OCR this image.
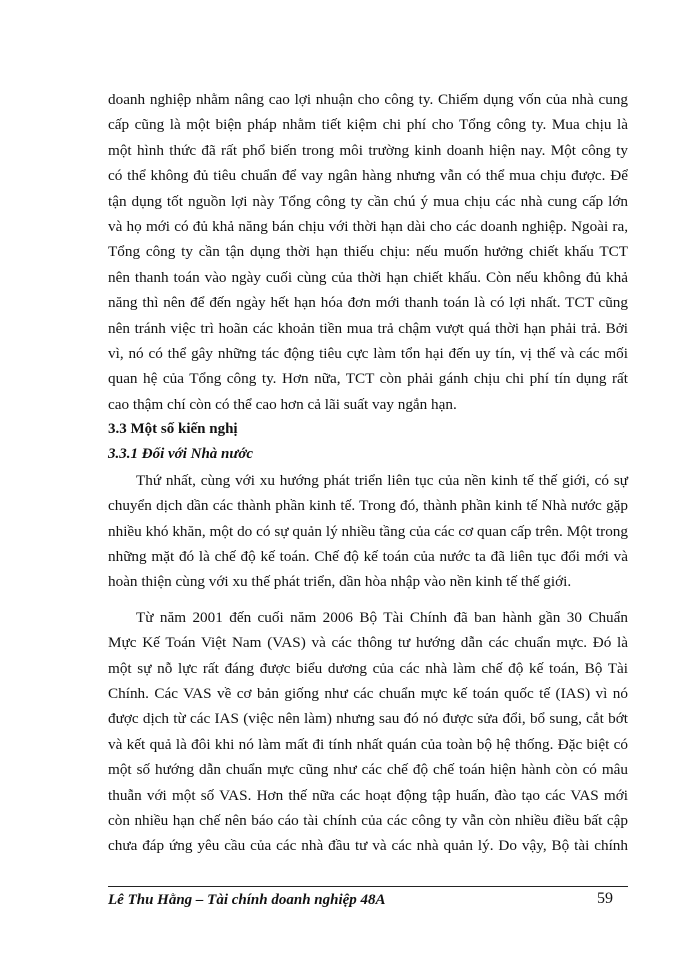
doanh nghiệp nhằm nâng cao lợi nhuận cho công ty. Chiếm dụng vốn của nhà cung
cấp cũng là một biện pháp nhằm tiết kiệm chi phí cho Tổng công ty. Mua chịu là
một hình thức đã rất phổ biến trong môi trường kinh doanh hiện nay. Một công ty
có thể không đủ tiêu chuẩn để vay ngân hàng nhưng vẫn có thể mua chịu được. Để
tận dụng tốt nguồn lợi này Tổng công ty cần chú ý mua chịu các nhà cung cấp lớn
và họ mới có đủ khả năng bán chịu với thời hạn dài cho các doanh nghiệp. Ngoài ra,
Tổng công ty cần tận dụng thời hạn thiếu chịu: nếu muốn hưởng chiết khấu TCT
nên thanh toán vào ngày cuối cùng của thời hạn chiết khấu. Còn nếu không đủ khả
năng thì nên để đến ngày hết hạn hóa đơn mới thanh toán là có lợi nhất. TCT cũng
nên tránh việc trì hoãn các khoản tiền mua trả chậm vượt quá thời hạn phải trả. Bởi
vì, nó có thể gây những tác động tiêu cực làm tổn hại đến uy tín, vị thế và các mối
quan hệ của Tổng công ty. Hơn nữa, TCT còn phải gánh chịu chi phí tín dụng rất
cao thậm chí còn có thể cao hơn cả lãi suất vay ngắn hạn.
3.3 Một số kiến nghị
3.3.1 Đối với Nhà nước
Thứ nhất, cùng với xu hướng phát triển liên tục của nền kinh tế thế giới, có sự
chuyển dịch dần các thành phần kinh tế. Trong đó, thành phần kinh tế Nhà nước gặp
nhiều khó khăn, một do có sự quản lý nhiều tầng của các cơ quan cấp trên. Một trong
những mặt đó là chế độ kế toán. Chế độ kế toán của nước ta đã liên tục đổi mới và
hoàn thiện cùng với xu thế phát triển, dần hòa nhập vào nền kinh tế thế giới.
Từ năm 2001 đến cuối năm 2006 Bộ Tài Chính đã ban hành gần 30 Chuẩn
Mực Kế Toán Việt Nam (VAS) và các thông tư hướng dẫn các chuẩn mực. Đó là
một sự nỗ lực rất đáng được biểu dương của các nhà làm chế độ kế toán, Bộ Tài
Chính. Các VAS về cơ bản giống như các chuẩn mực kế toán quốc tế (IAS) vì nó
được dịch từ các IAS (việc nên làm) nhưng sau đó nó được sửa đổi, bổ sung, cắt bớt
và kết quả là đôi khi nó làm mất đi tính nhất quán của toàn bộ hệ thống. Đặc biệt có
một số hướng dẫn chuẩn mực cũng như các chế độ chế toán hiện hành còn có mâu
thuẫn với một số VAS. Hơn thế nữa các hoạt động tập huấn, đào tạo các VAS mới
còn nhiều hạn chế nên báo cáo tài chính của các công ty vẫn còn nhiều điều bất cập
chưa đáp ứng yêu cầu của các nhà đầu tư và các nhà quản lý. Do vậy, Bộ tài chính
Lê Thu Hằng – Tài chính doanh nghiệp 48A	59
